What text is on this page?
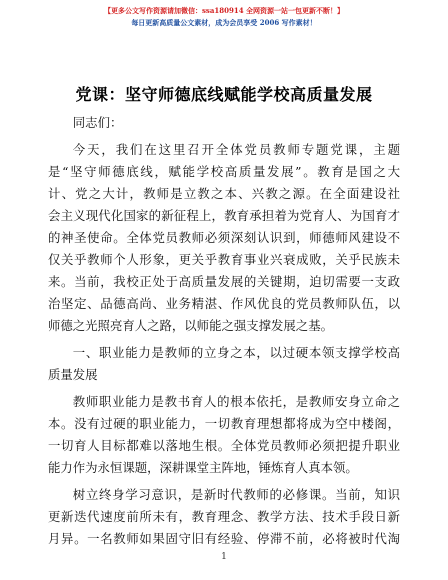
【更多公文写作资源请加微信：ssa180914 全网资源一站一包更新不断！】
每日更新高质量公文素材，成为会员享受 2006 写作素材！
党课：坚守师德底线赋能学校高质量发展

同志们：

今天，我们在这里召开全体党员教师专题党课，主题
是“坚守师德底线，赋能学校高质量发展”。教育是国之大
计、党之大计，教师是立教之本、兴教之源。在全面建设社
会主义现代化国家的新征程上，教育承担着为党育人、为国育才
的神圣使命。全体党员教师必须深刻认识到，师德师风建设不
仅关乎教师个人形象，更关乎教育事业兴衰成败，关乎民族未
来。当前，我校正处于高质量发展的关键期，迫切需要一支政
治坚定、品德高尚、业务精湛、作风优良的党员教师队伍，以
师德之光照亮育人之路，以师能之强支撑发展之基。

一、职业能力是教师的立身之本，以过硬本领支撑学校高
质量发展

教师职业能力是教书育人的根本依托，是教师安身立命之
本。没有过硬的职业能力，一切教育理想都将成为空中楼阁，
一切育人目标都难以落地生根。全体党员教师必须把提升职业
能力作为永恒课题，深耕课堂主阵地，锤炼育人真本领。

树立终身学习意识，是新时代教师的必修课。当前，知识
更新迭代速度前所未有，教育理念、教学方法、技术手段日新
月异。一名教师如果固守旧有经验、停滞不前，必将被时代淘

1
